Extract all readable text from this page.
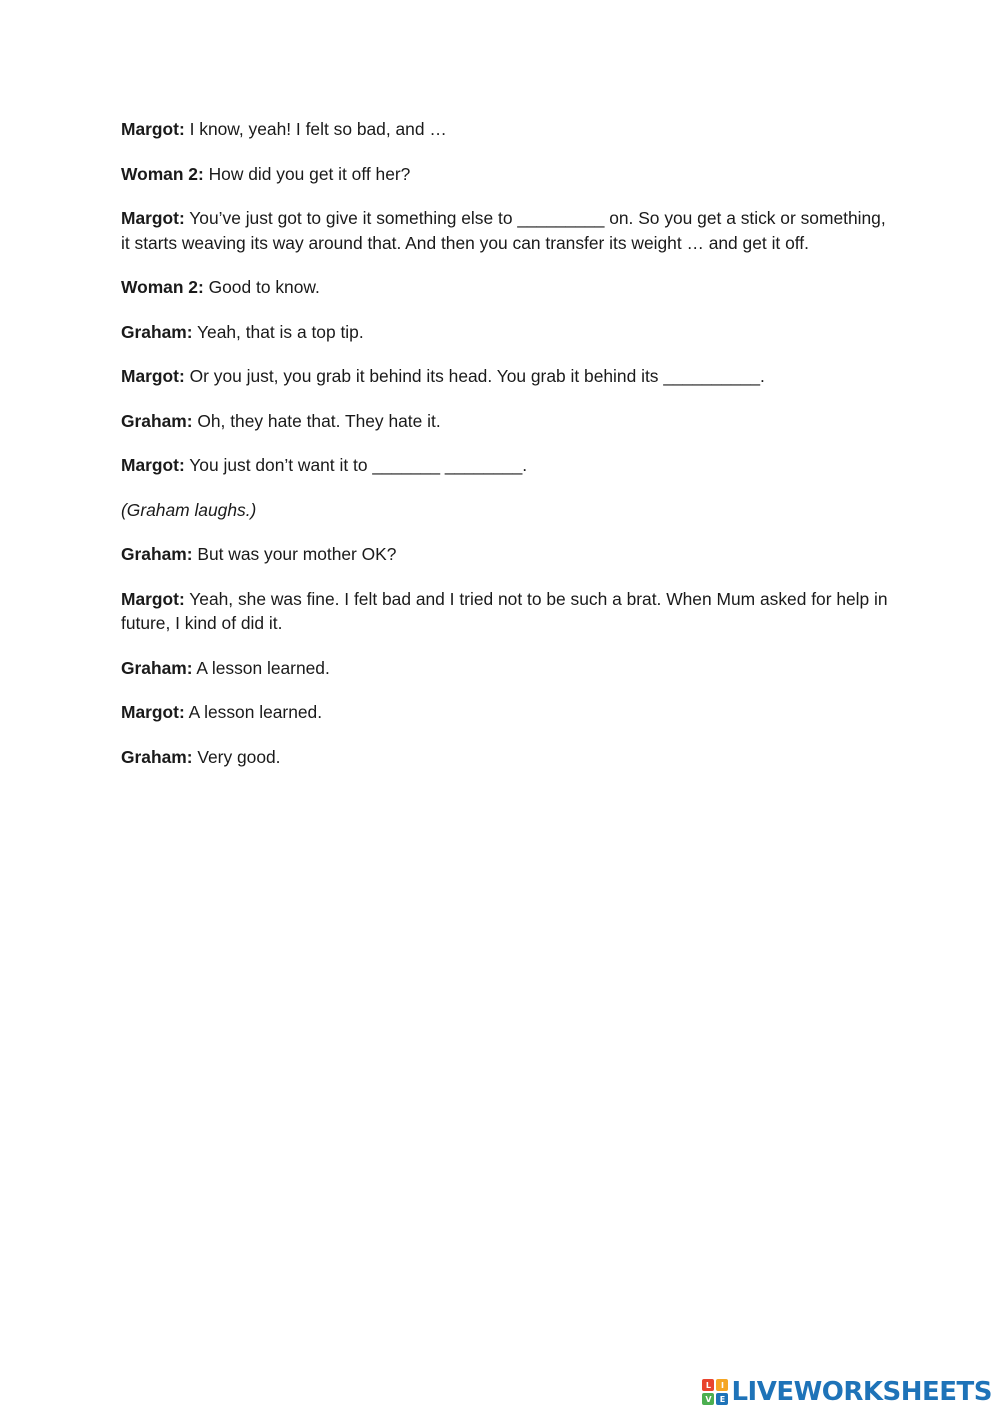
Margot: I know, yeah! I felt so bad, and …

Woman 2: How did you get it off her?

Margot: You’ve just got to give it something else to _________ on. So you get a stick or something, it starts weaving its way around that. And then you can transfer its weight … and get it off.

Woman 2: Good to know.

Graham: Yeah, that is a top tip.

Margot: Or you just, you grab it behind its head. You grab it behind its __________.

Graham: Oh, they hate that. They hate it.

Margot: You just don’t want it to _______ ________.

(Graham laughs.)

Graham: But was your mother OK?

Margot: Yeah, she was fine. I felt bad and I tried not to be such a brat. When Mum asked for help in future, I kind of did it.

Graham: A lesson learned.

Margot: A lesson learned.

Graham: Very good.

L	I
V	E LIVEWORKSHEETS
